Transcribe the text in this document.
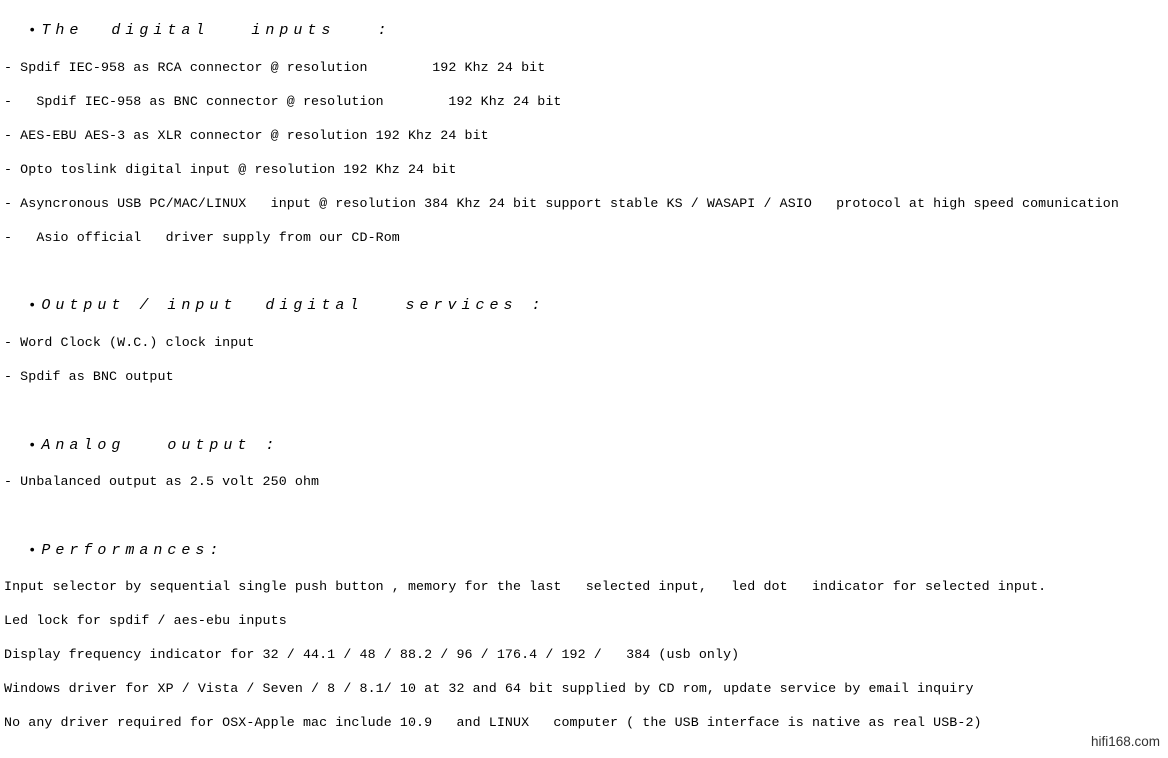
• The  digital   inputs   :
- Spdif IEC-958 as RCA connector @ resolution        192 Khz 24 bit
-   Spdif IEC-958 as BNC connector @ resolution        192 Khz 24 bit
- AES-EBU AES-3 as XLR connector @ resolution 192 Khz 24 bit
- Opto toslink digital input @ resolution 192 Khz 24 bit
- Asyncronous USB PC/MAC/LINUX   input @ resolution 384 Khz 24 bit support stable KS / WASAPI / ASIO   protocol at high speed comunication
-   Asio official   driver supply from our CD-Rom
• Output / input  digital   services :
- Word Clock (W.C.) clock input
- Spdif as BNC output
• Analog   output :
- Unbalanced output as 2.5 volt 250 ohm
• Performances:
Input selector by sequential single push button , memory for the last   selected input,   led dot   indicator for selected input.
Led lock for spdif / aes-ebu inputs
Display frequency indicator for 32 / 44.1 / 48 / 88.2 / 96 / 176.4 / 192 /   384 (usb only)
Windows driver for XP / Vista / Seven / 8 / 8.1/ 10 at 32 and 64 bit supplied by CD rom, update service by email inquiry
No any driver required for OSX-Apple mac include 10.9   and LINUX   computer ( the USB interface is native as real USB-2)
hifi168.com
